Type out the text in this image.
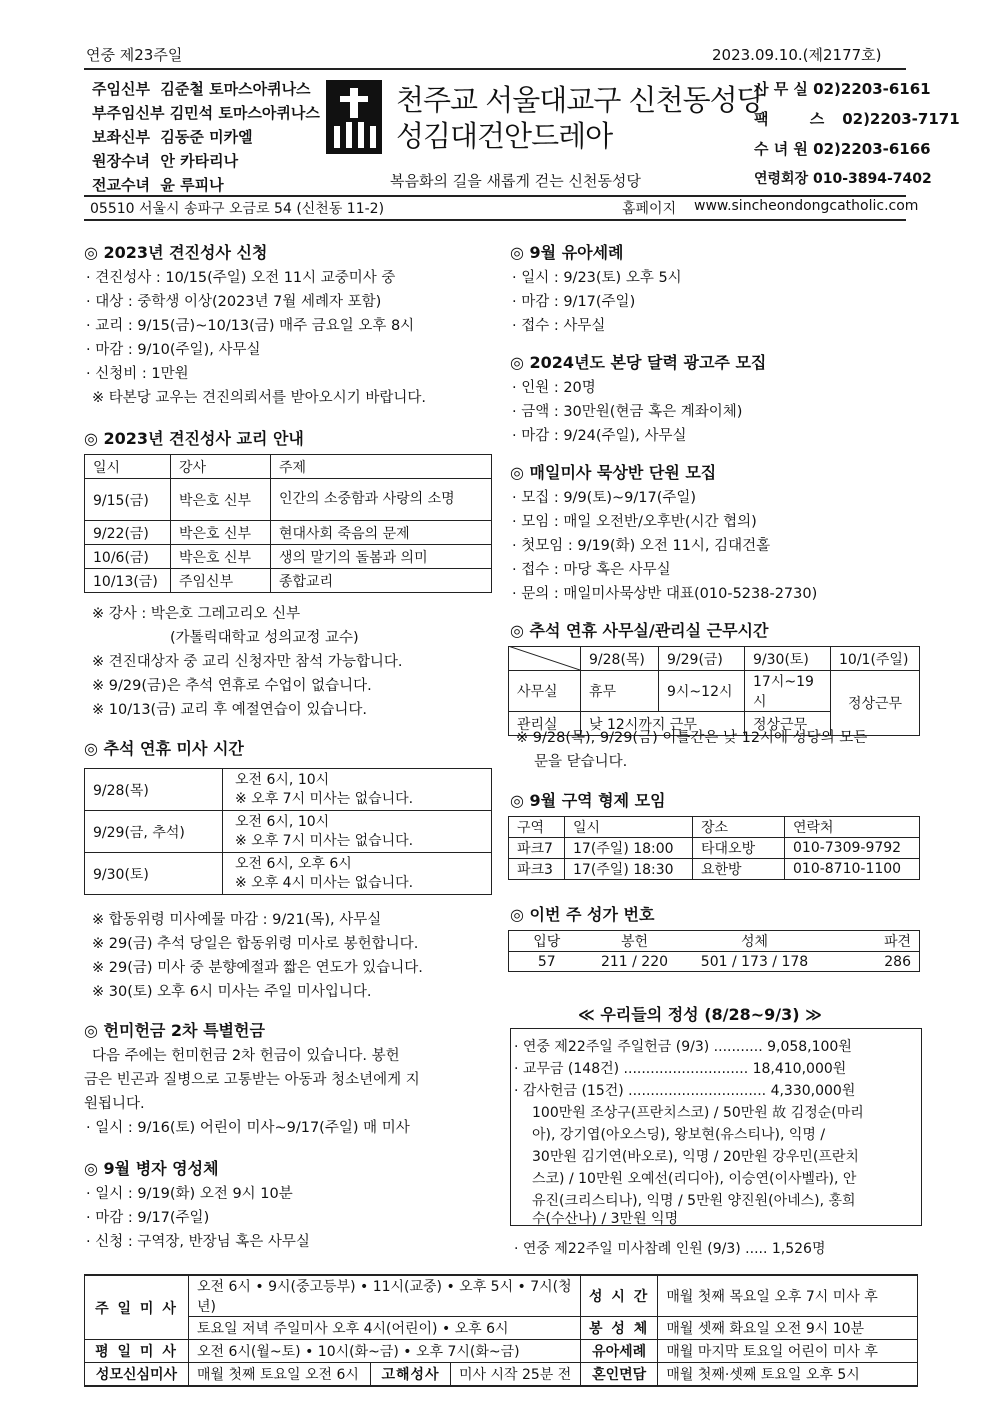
연중 제23주일	2023.09.10.(제2177호)
주임신부 김준철 토마스아퀴나스
부주임신부 김민석 토마스아퀴나스
보좌신부 김동준 미카엘
원장수녀 안 카타리나
전교수녀 윤 루피나
천주교 서울대교구 신천동성당
성김대건안드레아
복음화의 길을 새롭게 걷는 신천동성당
사 무 실 02)2203-6161
팩 스02)2203-7171
수 녀 원 02)2203-6166
연령회장 010-3894-7402
05510 서울시 송파구 오금로 54 (신천동 11-2)	홈페이지 www.sincheondongcatholic.com
◎ 2023년 견진성사 신청
· 견진성사 : 10/15(주일) 오전 11시 교중미사 중
· 대상 : 중학생 이상(2023년 7월 세례자 포함)
· 교리 : 9/15(금)~10/13(금) 매주 금요일 오후 8시
· 마감 : 9/10(주일), 사무실
· 신청비 : 1만원
※ 타본당 교우는 견진의뢰서를 받아오시기 바랍니다.
◎ 2023년 견진성사 교리 안내
일시	강사	주제
9/15(금)	박은호 신부	인간의 소중함과 사랑의 소명
9/22(금)	박은호 신부	현대사회 죽음의 문제
10/6(금)	박은호 신부	생의 말기의 돌봄과 의미
10/13(금)	주임신부	종합교리
※ 강사 : 박은호 그레고리오 신부
(가톨릭대학교 성의교정 교수)
※ 견진대상자 중 교리 신청자만 참석 가능합니다.
※ 9/29(금)은 추석 연휴로 수업이 없습니다.
※ 10/13(금) 교리 후 예절연습이 있습니다.
◎ 추석 연휴 미사 시간
9/28(목)	오전 6시, 10시
※ 오후 7시 미사는 없습니다.

9/29(금, 추석)	오전 6시, 10시
※ 오후 7시 미사는 없습니다.

9/30(토)	오전 6시, 오후 6시
※ 오후 4시 미사는 없습니다.
※ 합동위령 미사예물 마감 : 9/21(목), 사무실
※ 29(금) 추석 당일은 합동위령 미사로 봉헌합니다.
※ 29(금) 미사 중 분향예절과 짧은 연도가 있습니다.
※ 30(토) 오후 6시 미사는 주일 미사입니다.
◎ 헌미헌금 2차 특별헌금
다음 주에는 헌미헌금 2차 헌금이 있습니다. 봉헌
금은 빈곤과 질병으로 고통받는 아동과 청소년에게 지
원됩니다.
· 일시 : 9/16(토) 어린이 미사~9/17(주일) 매 미사
◎ 9월 병자 영성체
· 일시 : 9/19(화) 오전 9시 10분
· 마감 : 9/17(주일)
· 신청 : 구역장, 반장님 혹은 사무실
◎ 9월 유아세례
· 일시 : 9/23(토) 오후 5시
· 마감 : 9/17(주일)
· 접수 : 사무실
◎ 2024년도 본당 달력 광고주 모집
· 인원 : 20명
· 금액 : 30만원(현금 혹은 계좌이체)
· 마감 : 9/24(주일), 사무실
◎ 매일미사 묵상반 단원 모집
· 모집 : 9/9(토)~9/17(주일)
· 모임 : 매일 오전반/오후반(시간 협의)
· 첫모임 : 9/19(화) 오전 11시, 김대건홀
· 접수 : 마당 혹은 사무실
· 문의 : 매일미사묵상반 대표(010-5238-2730)
◎ 추석 연휴 사무실/관리실 근무시간
	9/28(목)	9/29(금)	9/30(토)	10/1(주일)
사무실	휴무	9시~12시	17시~19시	정상근무
관리실	낮 12시까지 근무		정상근무	
※ 9/28(목), 9/29(금) 이틀간은 낮 12시에 성당의 모든
문을 닫습니다.
◎ 9월 구역 형제 모임
구역	일시	장소	연락처
파크7	17(주일) 18:00	타대오방	010-7309-9792
파크3	17(주일) 18:30	요한방	010-8710-1100
◎ 이번 주 성가 번호
입당	봉헌	성체	파견
57	211 / 220	501 / 173 / 178	286
≪ 우리들의 정성 (8/28~9/3) ≫
· 연중 제22주일 주일헌금 (9/3) ........... 9,058,100원
· 교무금 (148건) ............................ 18,410,000원
· 감사헌금 (15건) ............................... 4,330,000원
100만원 조상구(프란치스코) / 50만원 故 김정순(마리
아), 강기엽(아오스딩), 왕보현(유스티나), 익명 /
30만원 김기연(바오로), 익명 / 20만원 강우민(프란치
스코) / 10만원 오예선(리디아), 이승연(이사벨라), 안
유진(크리스티나), 익명 / 5만원 양진원(아네스), 홍희
수(수산나) / 3만원 익명
· 연중 제22주일 미사참례 인원 (9/3) ..... 1,526명
주 일 미 사	오전 6시 • 9시(중고등부) • 11시(교중) • 오후 5시 • 7시(청년)			성 시 간	매월 첫째 목요일 오후 7시 미사 후
	토요일 저녁 주일미사 오후 4시(어린이) • 오후 6시			봉 성 체	매월 셋째 화요일 오전 9시 10분
평 일 미 사	오전 6시(월~토) • 10시(화~금) • 오후 7시(화~금)			유아세례	매월 마지막 토요일 어린이 미사 후
성모신심미사	매월 첫째 토요일 오전 6시	고해성사	미사 시작 25분 전	혼인면담	매월 첫째·셋째 토요일 오후 5시
